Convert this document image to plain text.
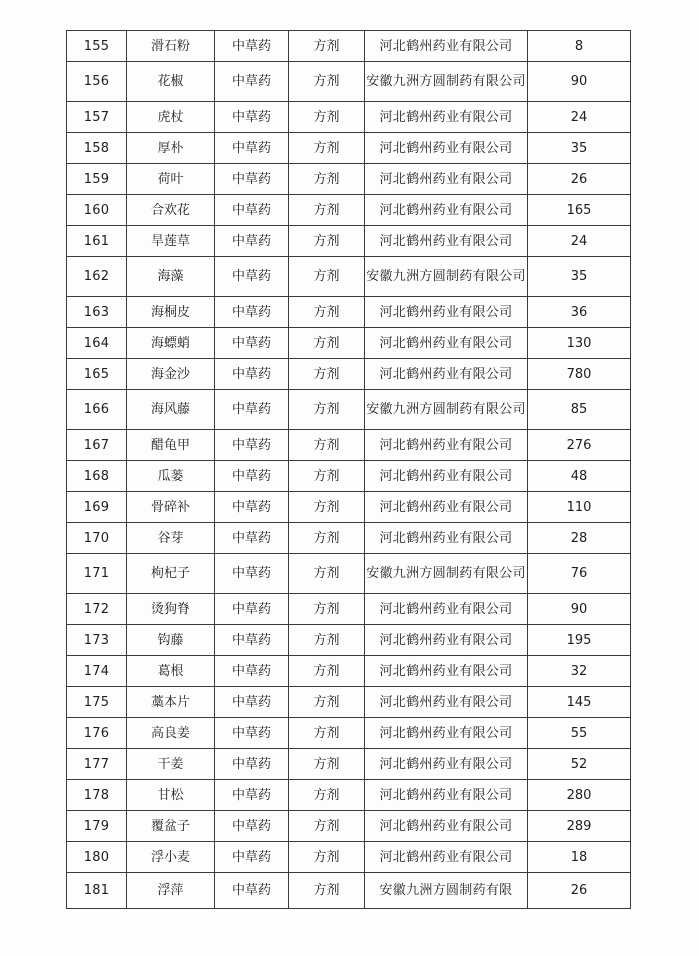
155	滑石粉	中草药	方剂	河北鹤州药业有限公司	8
156	花椒	中草药	方剂	安徽九洲方圆制药有限公司	90
157	虎杖	中草药	方剂	河北鹤州药业有限公司	24
158	厚朴	中草药	方剂	河北鹤州药业有限公司	35
159	荷叶	中草药	方剂	河北鹤州药业有限公司	26
160	合欢花	中草药	方剂	河北鹤州药业有限公司	165
161	旱莲草	中草药	方剂	河北鹤州药业有限公司	24
162	海藻	中草药	方剂	安徽九洲方圆制药有限公司	35
163	海桐皮	中草药	方剂	河北鹤州药业有限公司	36
164	海螵蛸	中草药	方剂	河北鹤州药业有限公司	130
165	海金沙	中草药	方剂	河北鹤州药业有限公司	780
166	海风藤	中草药	方剂	安徽九洲方圆制药有限公司	85
167	醋龟甲	中草药	方剂	河北鹤州药业有限公司	276
168	瓜蒌	中草药	方剂	河北鹤州药业有限公司	48
169	骨碎补	中草药	方剂	河北鹤州药业有限公司	110
170	谷芽	中草药	方剂	河北鹤州药业有限公司	28
171	枸杞子	中草药	方剂	安徽九洲方圆制药有限公司	76
172	烫狗脊	中草药	方剂	河北鹤州药业有限公司	90
173	钩藤	中草药	方剂	河北鹤州药业有限公司	195
174	葛根	中草药	方剂	河北鹤州药业有限公司	32
175	藁本片	中草药	方剂	河北鹤州药业有限公司	145
176	高良姜	中草药	方剂	河北鹤州药业有限公司	55
177	干姜	中草药	方剂	河北鹤州药业有限公司	52
178	甘松	中草药	方剂	河北鹤州药业有限公司	280
179	覆盆子	中草药	方剂	河北鹤州药业有限公司	289
180	浮小麦	中草药	方剂	河北鹤州药业有限公司	18
181	浮萍	中草药	方剂	安徽九洲方圆制药有限	26
